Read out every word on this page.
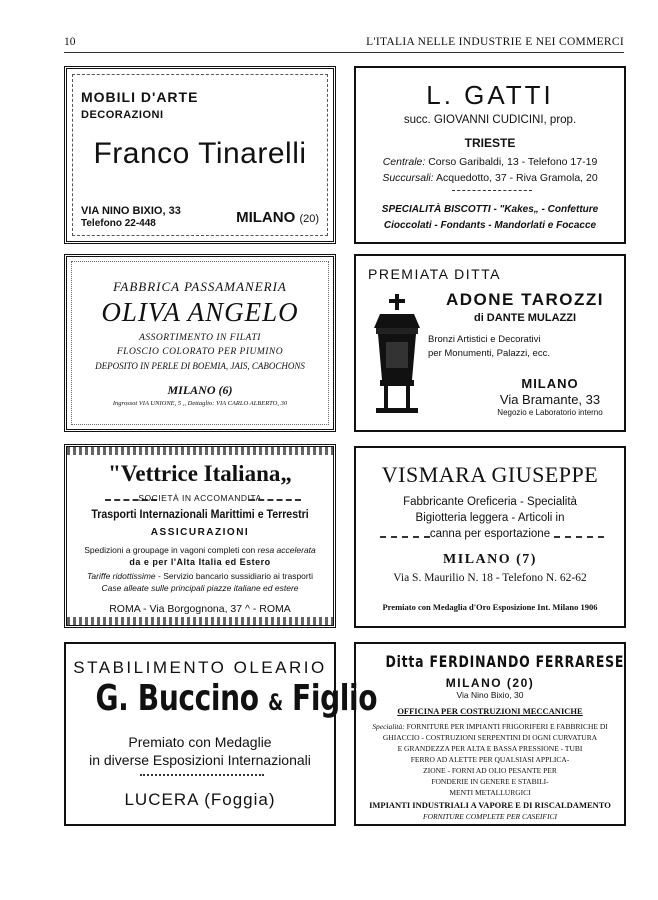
10	L'ITALIA NELLE INDUSTRIE E NEI COMMERCI
MOBILI D'ARTE
DECORAZIONI
Franco Tinarelli
VIA NINO BIXIO, 33
Telefono 22-448	MILANO (20)
L. GATTI
succ. GIOVANNI CUDICINI, prop.
TRIESTE
Centrale: Corso Garibaldi, 13 - Telefono 17-19
Succursali: Acquedotto, 37 - Riva Gramola, 20
SPECIALITÀ BISCOTTI - "Kakes„ - Confetture
Cioccolati - Fondants - Mandorlati e Focacce
FABBRICA PASSAMANERIA
OLIVA ANGELO
ASSORTIMENTO IN FILATI
FLOSCIO COLORATO PER PIUMINO
DEPOSITO IN PERLE DI BOEMIA, JAIS, CABOCHONS
MILANO (6)
Ingrossot VIA UNIONE, 5 ,, Dettaglio: VIA CARLO ALBERTO, 30
PREMIATA DITTA
ADONE TAROZZI
di DANTE MULAZZI
Bronzi Artistici e Decorativi
per Monumenti, Palazzi, ecc.
MILANO
Via Bramante, 33
Negozio e Laboratorio interno
"Vettrice Italiana„
SOCIETÀ IN ACCOMANDITA
Trasporti Internazionali Marittimi e Terrestri
ASSICURAZIONI
Spedizioni a groupage in vagoni completi con resa accelerata
da e per l'Alta Italia ed Estero
Tariffe ridottissime - Servizio bancario sussidiario ai trasporti
Case alleate sulle principali piazze italiane ed estere
ROMA - Via Borgognona, 37 ^ - ROMA
VISMARA GIUSEPPE
Fabbricante Oreficeria - Specialità
Bigiotteria leggera - Articoli in
canna per esportazione
MILANO (7)
Via S. Maurilio N. 18 - Telefono N. 62-62
Premiato con Medaglia d'Oro Esposizione Int. Milano 1906
STABILIMENTO OLEARIO
G. Buccino & Figlio
Premiato con Medaglie
in diverse Esposizioni Internazionali
LUCERA (Foggia)
Ditta FERDINANDO FERRARESE
MILANO (20)
Via Nino Bixio, 30
OFFICINA PER COSTRUZIONI MECCANICHE
Specialità: FORNITURE PER IMPIANTI FRIGORIFERI E FABBRICHE DI
GHIACCIO - COSTRUZIONI SERPENTINI DI OGNI CURVATURA
E GRANDEZZA PER ALTA E BASSA PRESSIONE - TUBI
FERRO AD ALETTE PER QUALSIASI APPLICA-
ZIONE - FORNI AD OLIO PESANTE PER
FONDERIE IN GENERE E STABILI-
MENTI METALLURGICI
IMPIANTI INDUSTRIALI A VAPORE E DI RISCALDAMENTO
FORNITURE COMPLETE PER CASEIFICI
